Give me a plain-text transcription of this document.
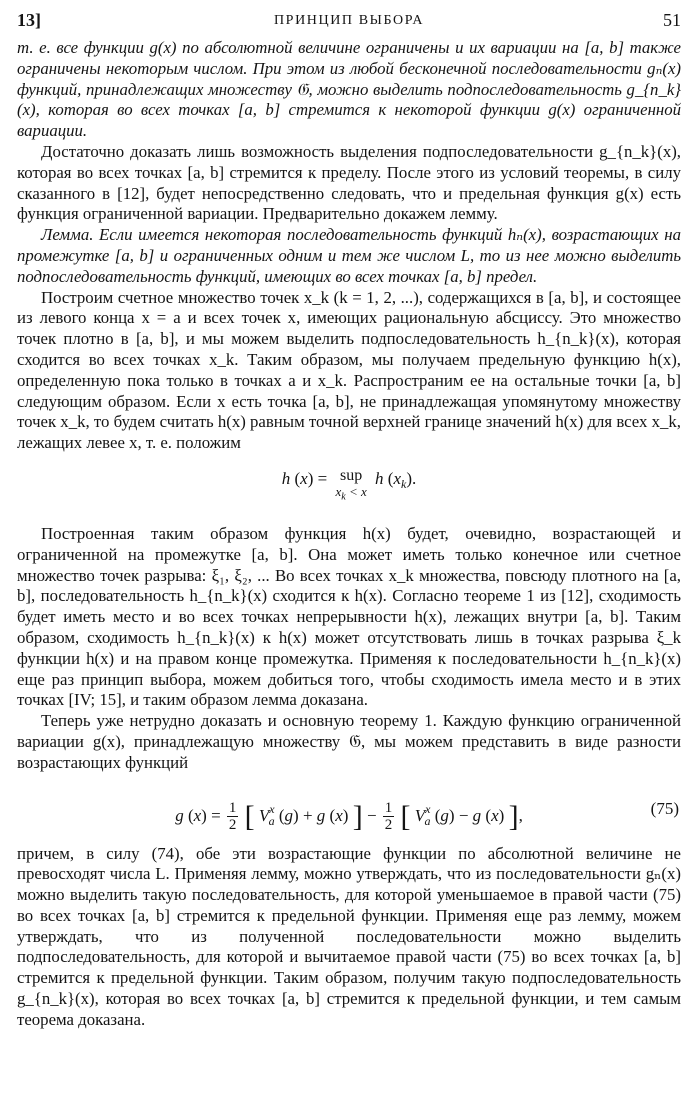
13]	ПРИНЦИП ВЫБОРА	51

т. е. все функции g(x) по абсолютной величине ограничены и их вариации на [a, b] также ограничены некоторым числом. При этом из любой бесконечной последовательности gₙ(x) функций, принадлежащих множеству 𝔊, можно выделить подпоследовательность g_{n_k}(x), которая во всех точках [a, b] стремится к некоторой функции g(x) ограниченной вариации.

Достаточно доказать лишь возможность выделения подпоследовательности g_{n_k}(x), которая во всех точках [a, b] стремится к пределу. После этого из условий теоремы, в силу сказанного в [12], будет непосредственно следовать, что и предельная функция g(x) есть функция ограниченной вариации. Предварительно докажем лемму.

Лемма. Если имеется некоторая последовательность функций hₙ(x), возрастающих на промежутке [a, b] и ограниченных одним и тем же числом L, то из нее можно выделить подпоследовательность функций, имеющих во всех точках [a, b] предел.

Построим счетное множество точек x_k (k = 1, 2, ...), содержащихся в [a, b], и состоящее из левого конца x = a и всех точек x, имеющих рациональную абсциссу. Это множество точек плотно в [a, b], и мы можем выделить подпоследовательность h_{n_k}(x), которая сходится во всех точках x_k. Таким образом, мы получаем предельную функцию h(x), определенную пока только в точках a и x_k. Распространим ее на остальные точки [a, b] следующим образом. Если x есть точка [a, b], не принадлежащая упомянутому множеству точек x_k, то будем считать h(x) равным точной верхней границе значений h(x) для всех x_k, лежащих левее x, т. е. положим

h (x) = sup
$x_k < x$
h $(x_k)$.

Построенная таким образом функция h(x) будет, очевидно, возрастающей и ограниченной на промежутке [a, b]. Она может иметь только конечное или счетное множество точек разрыва: ξ₁, ξ₂, ... Во всех точках x_k множества, повсюду плотного на [a, b], последовательность h_{n_k}(x) сходится к h(x). Согласно теореме 1 из [12], сходимость будет иметь место и во всех точках непрерывности h(x), лежащих внутри [a, b]. Таким образом, сходимость h_{n_k}(x) к h(x) может отсутствовать лишь в точках разрыва ξ_k функции h(x) и на правом конце промежутка. Применяя к последовательности h_{n_k}(x) еще раз принцип выбора, можем добиться того, чтобы сходимость имела место и в этих точках [IV; 15], и таким образом лемма доказана.

Теперь уже нетрудно доказать и основную теорему 1. Каждую функцию ограниченной вариации g(x), принадлежащую множеству 𝔊, мы можем представить в виде разности возрастающих функций

g $(x) = \frac{1}{2}$ [ $V^x_a$ (g) + g (x) ] − $\frac{1}{2}$ [ $V^x_a$ (g) − g (x) ],	(75)

причем, в силу (74), обе эти возрастающие функции по абсолютной величине не превосходят числа L. Применяя лемму, можно утверждать, что из последовательности gₙ(x) можно выделить такую последовательность, для которой уменьшаемое в правой части (75) во всех точках [a, b] стремится к предельной функции. Применяя еще раз лемму, можем утверждать, что из полученной последовательности можно выделить подпоследовательность, для которой и вычитаемое правой части (75) во всех точках [a, b] стремится к предельной функции. Таким образом, получим такую подпоследовательность g_{n_k}(x), которая во всех точках [a, b] стремится к предельной функции, и тем самым теорема доказана.
